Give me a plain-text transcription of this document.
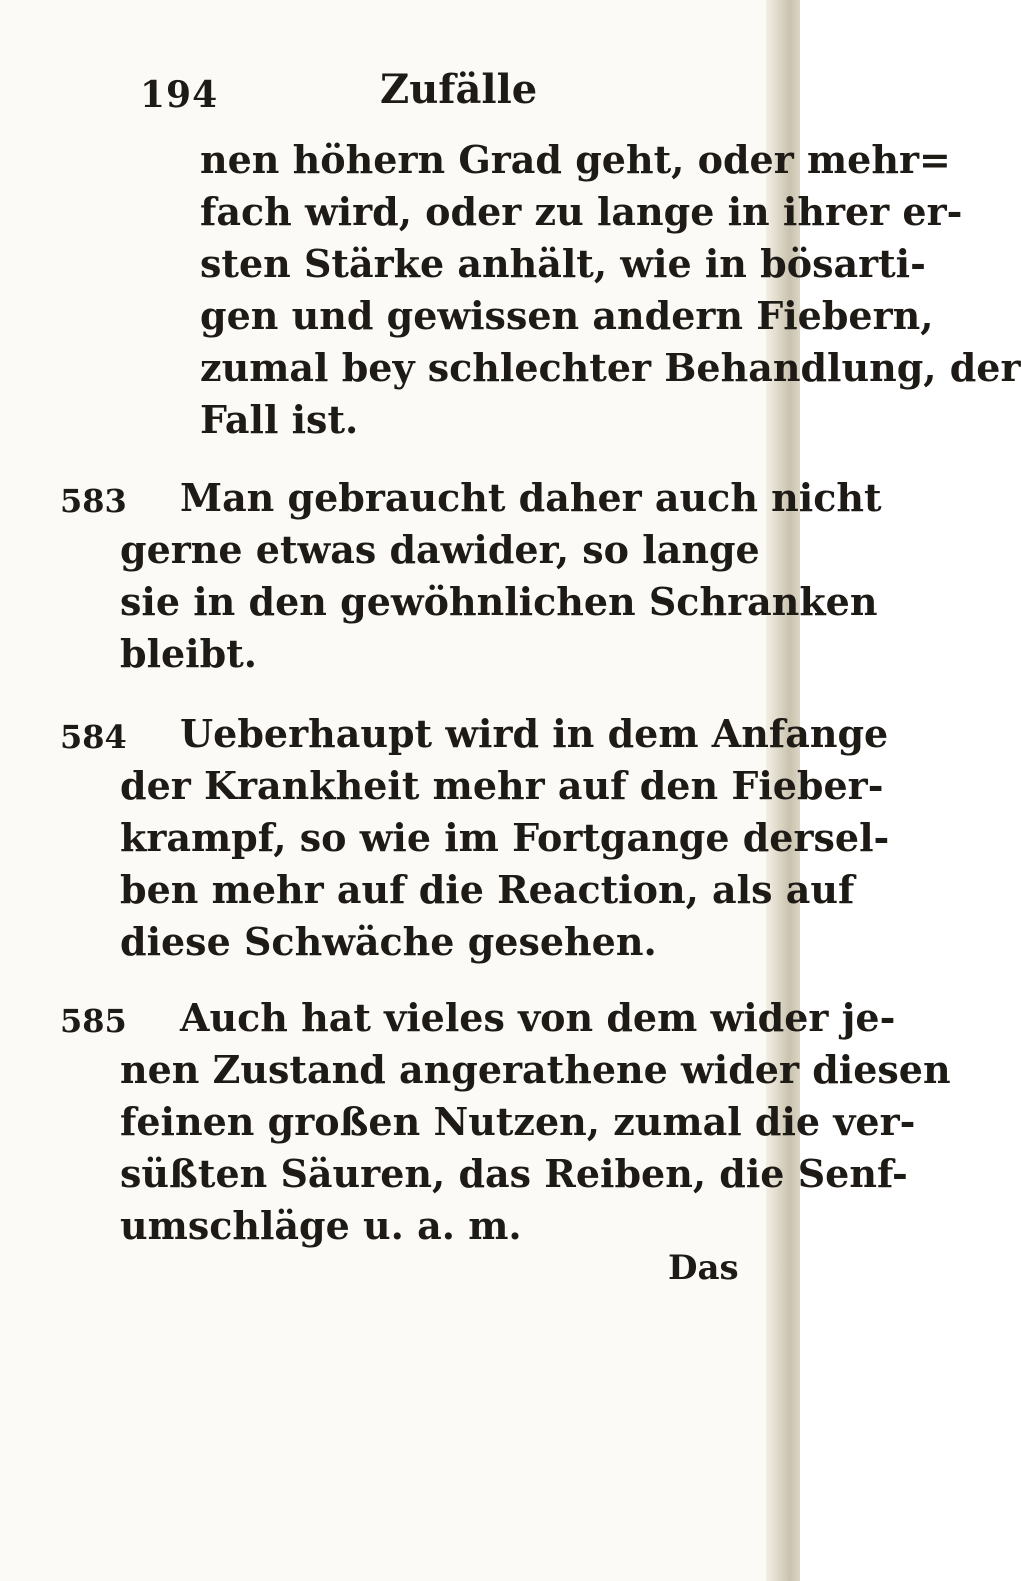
194	Zufälle
nen höhern Grad geht, oder mehr=
fach wird, oder zu lange in ihrer er-
sten Stärke anhält, wie in bösarti-
gen und gewissen andern Fiebern,
zumal bey schlechter Behandlung, der
Fall ist.
583	Man gebraucht daher auch nicht
gerne etwas dawider, so lange
sie in den gewöhnlichen Schranken
bleibt.
584	Ueberhaupt wird in dem Anfange
der Krankheit mehr auf den Fieber-
krampf, so wie im Fortgange dersel-
ben mehr auf die Reaction, als auf
diese Schwäche gesehen.
585	Auch hat vieles von dem wider je-
nen Zustand angerathene wider diesen
feinen großen Nutzen, zumal die ver-
süßten Säuren, das Reiben, die Senf-
umschläge u. a. m.
Das
